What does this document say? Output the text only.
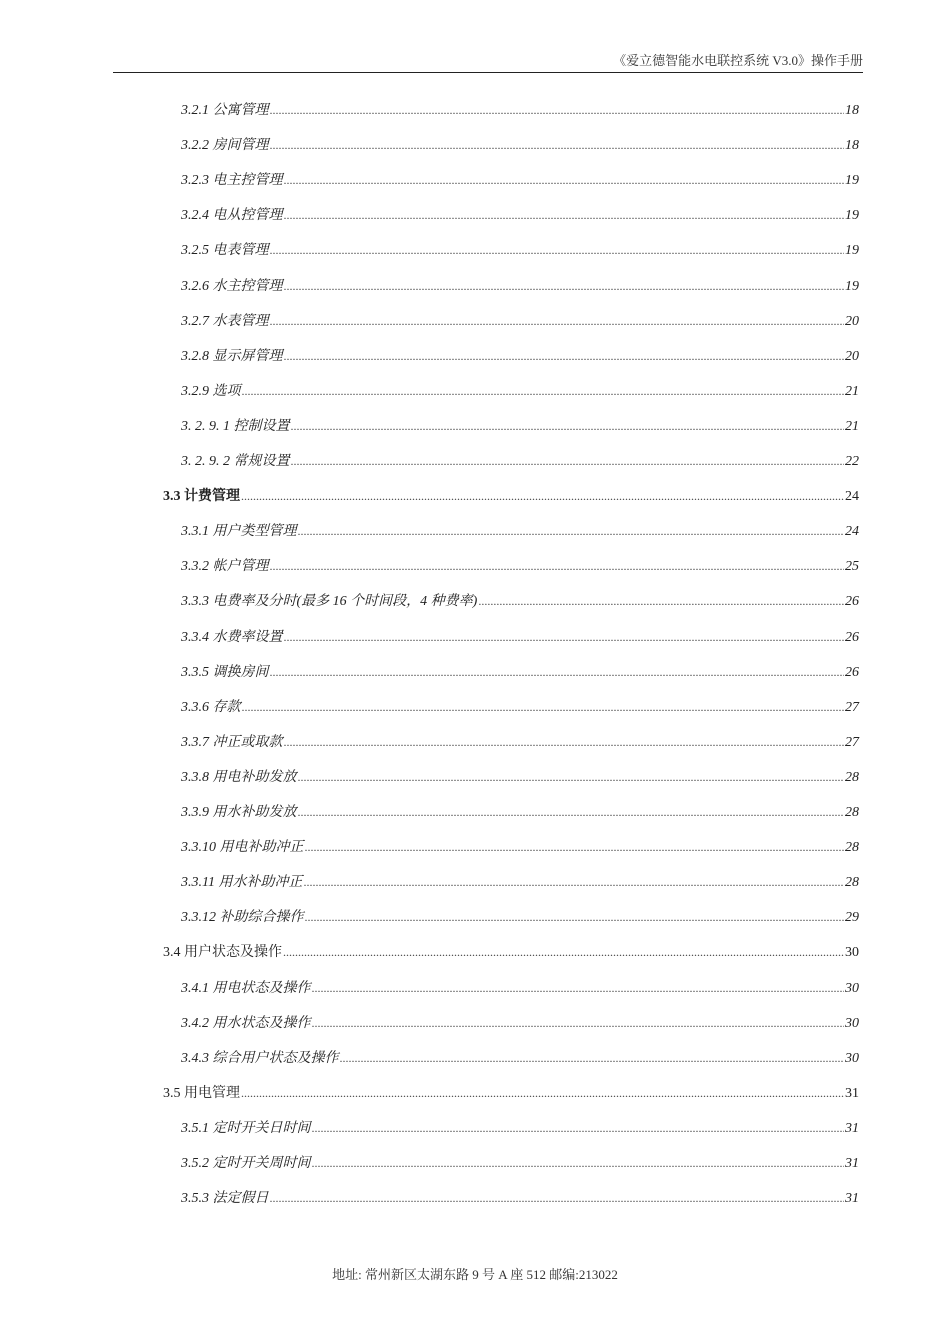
《爱立德智能水电联控系统 V3.0》操作手册
3.2.1 公寓管理 .....	18
3.2.2 房间管理 .....	18
3.2.3 电主控管理 .....	19
3.2.4 电从控管理 .....	19
3.2.5 电表管理 .....	19
3.2.6 水主控管理 .....	19
3.2.7 水表管理 .....	20
3.2.8 显示屏管理 .....	20
3.2.9 选项 .....	21
3. 2. 9. 1 控制设置 .....	21
3. 2. 9. 2 常规设置 .....	22
3.3 计费管理 .....	24
3.3.1 用户类型管理 .....	24
3.3.2 帐户管理 .....	25
3.3.3 电费率及分时(最多 16 个时间段，4 种费率) .....	26
3.3.4 水费率设置 .....	26
3.3.5 调换房间 .....	26
3.3.6 存款 .....	27
3.3.7 冲正或取款 .....	27
3.3.8 用电补助发放 .....	28
3.3.9 用水补助发放 .....	28
3.3.10 用电补助冲正 .....	28
3.3.11 用水补助冲正 .....	28
3.3.12 补助综合操作 .....	29
3.4 用户状态及操作 .....	30
3.4.1 用电状态及操作 .....	30
3.4.2 用水状态及操作 .....	30
3.4.3 综合用户状态及操作 .....	30
3.5 用电管理 .....	31
3.5.1 定时开关日时间 .....	31
3.5.2 定时开关周时间 .....	31
3.5.3 法定假日 .....	31
地址: 常州新区太湖东路 9 号 A 座 512 邮编:213022
